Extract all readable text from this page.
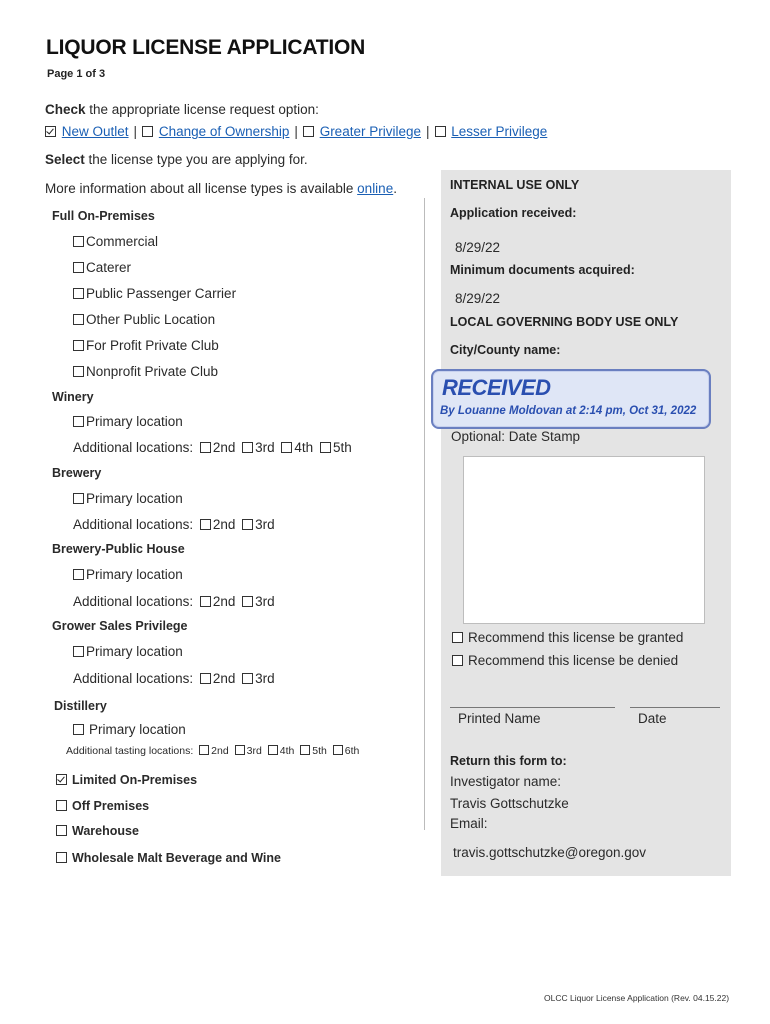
LIQUOR LICENSE APPLICATION
Page 1 of 3
Check the appropriate license request option:
New Outlet | Change of Ownership | Greater Privilege | Lesser Privilege
Select the license type you are applying for.
More information about all license types is available online.
Full On-Premises
Commercial
Caterer
Public Passenger Carrier
Other Public Location
For Profit Private Club
Nonprofit Private Club
Winery
Primary location
Additional locations: 2nd 3rd 4th 5th
Brewery
Primary location
Additional locations: 2nd 3rd
Brewery-Public House
Primary location
Additional locations: 2nd 3rd
Grower Sales Privilege
Primary location
Additional locations: 2nd 3rd
Distillery
Primary location
Additional tasting locations: 2nd 3rd 4th 5th 6th
Limited On-Premises
Off Premises
Warehouse
Wholesale Malt Beverage and Wine
INTERNAL USE ONLY
Application received:
8/29/22
Minimum documents acquired:
8/29/22
LOCAL GOVERNING BODY USE ONLY
City/County name:
RECEIVED
By Louanne Moldovan at 2:14 pm, Oct 31, 2022
Optional: Date Stamp
Recommend this license be granted
Recommend this license be denied
Printed Name	Date
Return this form to:
Investigator name:
Travis Gottschutzke
Email:
travis.gottschutzke@oregon.gov
OLCC Liquor License Application (Rev. 04.15.22)
